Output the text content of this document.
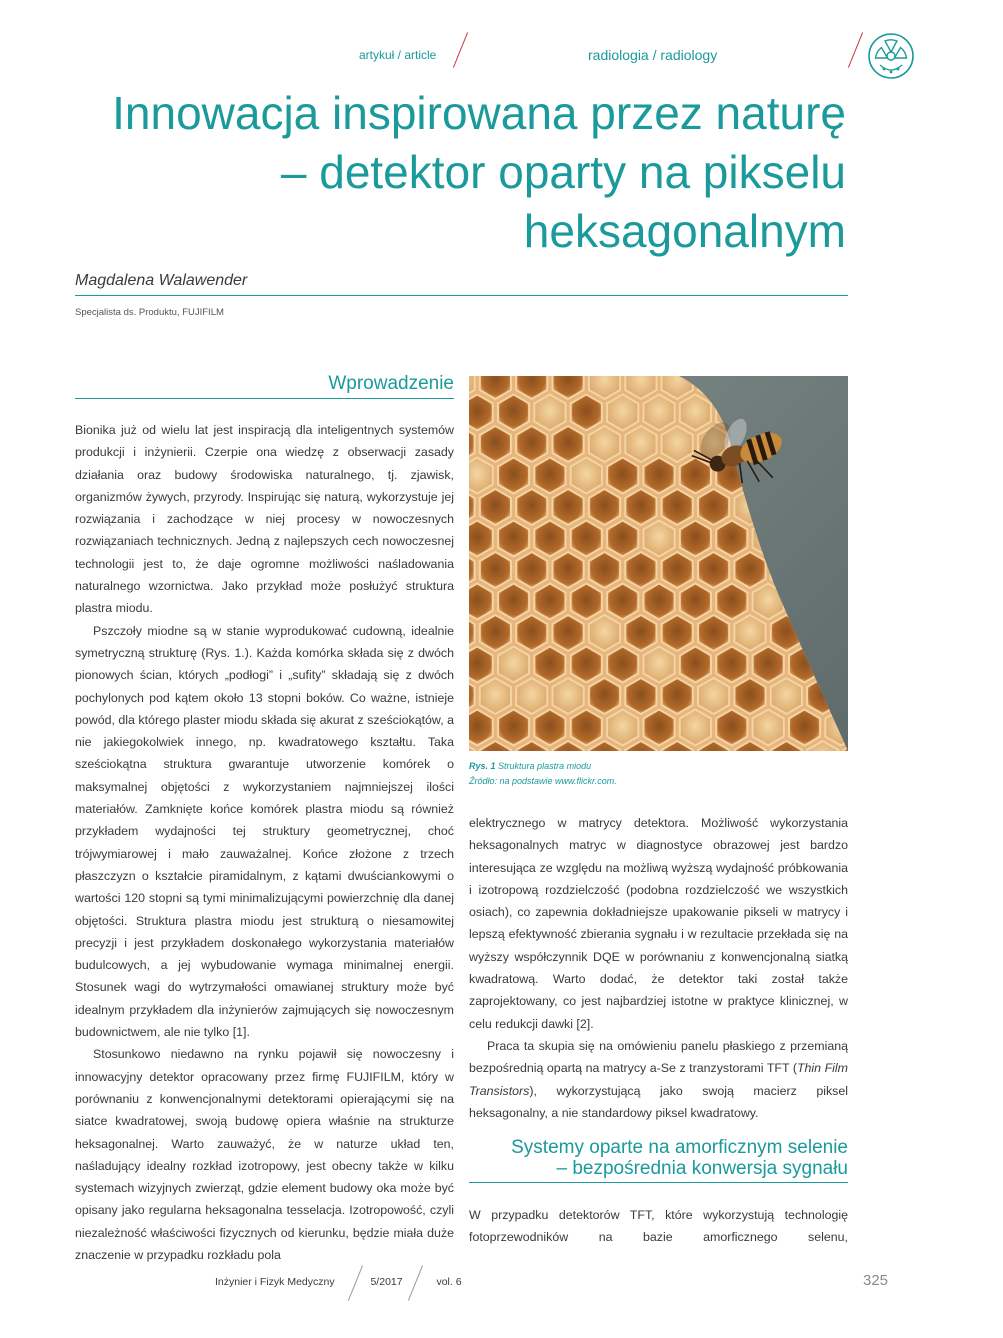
artykuł / article	radiologia / radiology
Innowacja inspirowana przez naturę
– detektor oparty na pikselu
heksagonalnym
Magdalena Walawender
Specjalista ds. Produktu, FUJIFILM
Wprowadzenie

Bionika już od wielu lat jest inspiracją dla inteligentnych systemów produkcji i inżynierii. Czerpie ona wiedzę z obserwacji zasady działania oraz budowy środowiska naturalnego, tj. zjawisk, organizmów żywych, przyrody. Inspirując się naturą, wykorzystuje jej rozwiązania i zachodzące w niej procesy w nowoczesnych rozwiązaniach technicznych. Jedną z najlepszych cech nowoczesnej technologii jest to, że daje ogromne możliwości naśladowania naturalnego wzornictwa. Jako przykład może posłużyć struktura plastra miodu.

Pszczoły miodne są w stanie wyprodukować cudowną, idealnie symetryczną strukturę (Rys. 1.). Każda komórka składa się z dwóch pionowych ścian, których „podłogi” i „sufity” składają się z dwóch pochylonych pod kątem około 13 stopni boków. Co ważne, istnieje powód, dla którego plaster miodu składa się akurat z sześciokątów, a nie jakiegokolwiek innego, np. kwadratowego kształtu. Taka sześciokątna struktura gwarantuje utworzenie komórek o maksymalnej objętości z wykorzystaniem najmniejszej ilości materiałów. Zamknięte końce komórek plastra miodu są również przykładem wydajności tej struktury geometrycznej, choć trójwymiarowej i mało zauważalnej. Końce złożone z trzech płaszczyzn o kształcie piramidalnym, z kątami dwuściankowymi o wartości 120 stopni są tymi minimalizującymi powierzchnię dla danej objętości. Struktura plastra miodu jest strukturą o niesamowitej precyzji i jest przykładem doskonałego wykorzystania materiałów budulcowych, a jej wybudowanie wymaga minimalnej energii. Stosunek wagi do wytrzymałości omawianej struktury może być idealnym przykładem dla inżynierów zajmujących się nowoczesnym budownictwem, ale nie tylko [1].

Stosunkowo niedawno na rynku pojawił się nowoczesny i innowacyjny detektor opracowany przez firmę FUJIFILM, który w porównaniu z konwencjonalnymi detektorami opierającymi się na siatce kwadratowej, swoją budowę opiera właśnie na strukturze heksagonalnej. Warto zauważyć, że w naturze układ ten, naśladujący idealny rozkład izotropowy, jest obecny także w kilku systemach wizyjnych zwierząt, gdzie element budowy oka może być opisany jako regularna heksagonalna tesselacja. Izotropowość, czyli niezależność właściwości fizycznych od kierunku, będzie miała duże znaczenie w przypadku rozkładu pola

Rys. 1 Struktura plastra miodu
Źródło: na podstawie www.flickr.com.

elektrycznego w matrycy detektora. Możliwość wykorzystania heksagonalnych matryc w diagnostyce obrazowej jest bardzo interesująca ze względu na możliwą wyższą wydajność próbkowania i izotropową rozdzielczość (podobna rozdzielczość we wszystkich osiach), co zapewnia dokładniejsze upakowanie pikseli w matrycy i lepszą efektywność zbierania sygnału i w rezultacie przekłada się na wyższy współczynnik DQE w porównaniu z konwencjonalną siatką kwadratową. Warto dodać, że detektor taki został także zaprojektowany, co jest najbardziej istotne w praktyce klinicznej, w celu redukcji dawki [2].

Praca ta skupia się na omówieniu panelu płaskiego z przemianą bezpośrednią opartą na matrycy a-Se z tranzystorami TFT (Thin Film Transistors), wykorzystującą jako swoją macierz piksel heksagonalny, a nie standardowy piksel kwadratowy.

Systemy oparte na amorficznym selenie
– bezpośrednia konwersja sygnału

W przypadku detektorów TFT, które wykorzystują technologię fotoprzewodników na bazie amorficznego selenu,

Inżynier i Fizyk Medyczny	5/2017	vol. 6	325
